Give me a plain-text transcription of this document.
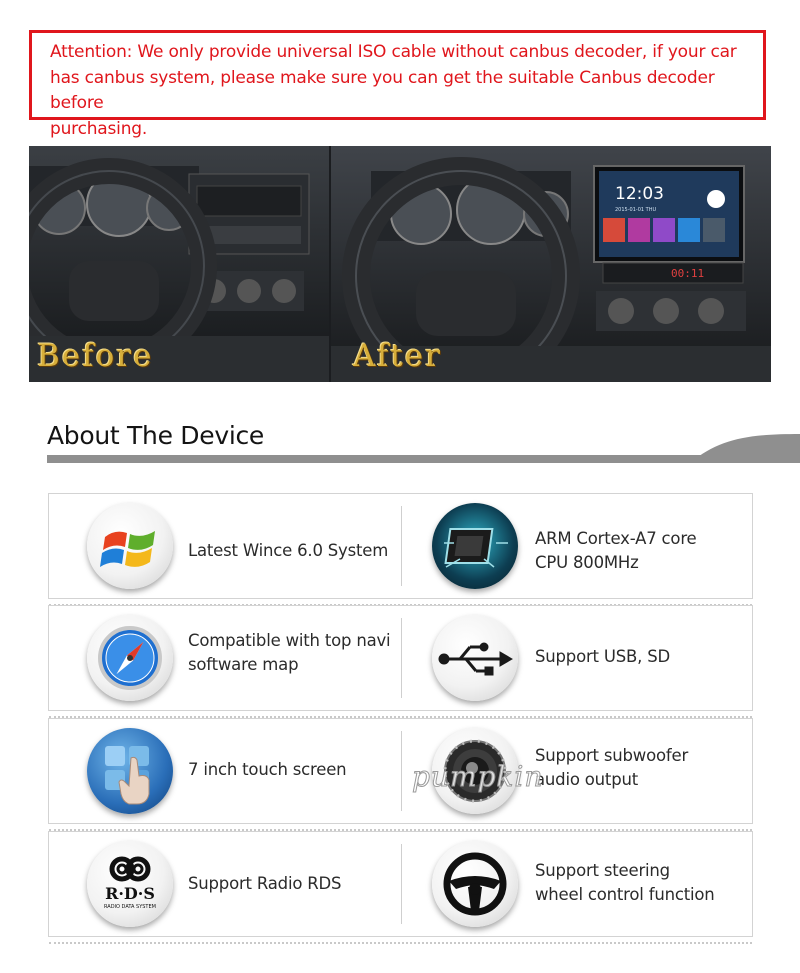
Attention: We only provide universal ISO cable without canbus decoder, if your car

has canbus system, please make sure you can get the suitable Canbus decoder before

purchasing.

Before
12:03
2015-01-01 THU
00:11
After
About The Device
Latest Wince 6.0 System
ARM Cortex-A7 core
CPU 800MHz
Compatible with top navi
software map	Support USB, SD
7 inch touch screen
Support subwoofer
audio output
R·D·S
RADIO DATA SYSTEM
Support Radio RDS
Support steering
wheel control function
pumpkin
